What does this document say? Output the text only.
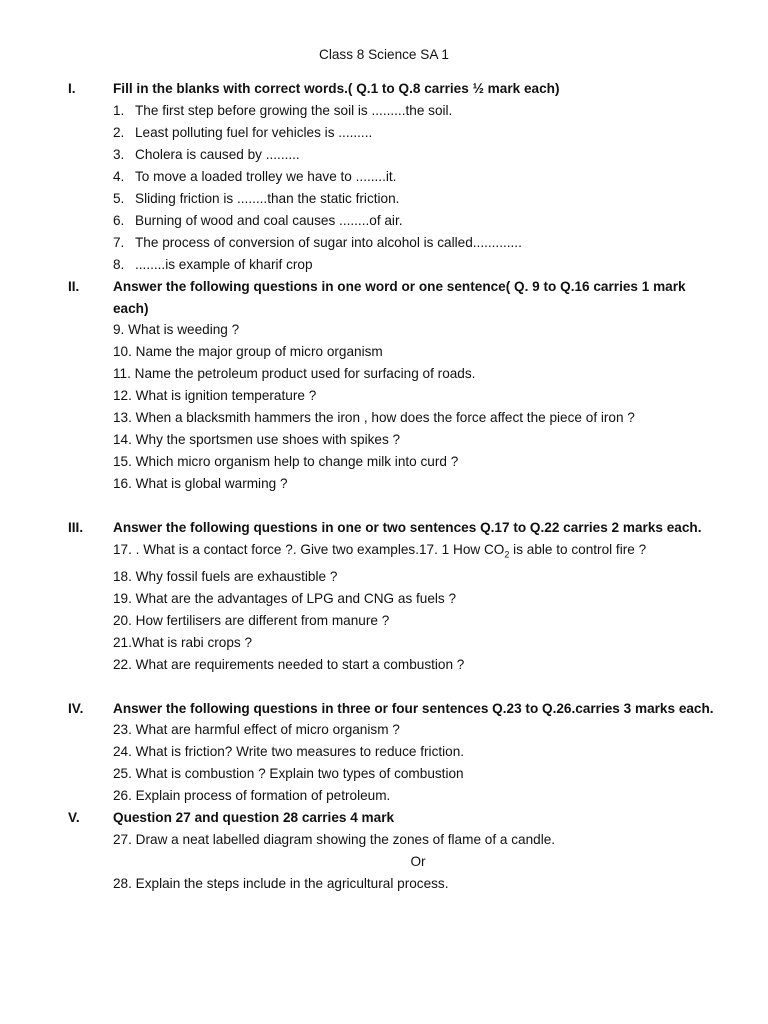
Class 8 Science SA 1
I.	Fill in the blanks with correct words.( Q.1 to Q.8 carries ½ mark each)
1. The first step before growing the soil is .........the soil.
2. Least polluting fuel for vehicles is .........
3. Cholera is caused by .........
4. To move a loaded trolley we have to ........it.
5. Sliding friction is ........than the static friction.
6. Burning of wood and coal causes ........of air.
7. The process of conversion of sugar into alcohol is called.............
8. ........is example of kharif crop
II. Answer the following questions in one word or one sentence( Q. 9 to Q.16 carries 1 mark each)
9. What is weeding ?
10. Name the major group of micro organism
11. Name the petroleum product used for surfacing of roads.
12. What is ignition temperature ?
13. When a blacksmith hammers the iron , how does the force affect the piece of iron ?
14. Why the sportsmen use shoes with spikes ?
15. Which micro organism help to change milk into curd ?
16. What is global warming ?
III. Answer the following questions in one or two sentences Q.17 to Q.22 carries 2 marks each.
17. . What is a contact force ?. Give two examples.17. 1 How $CO_2$ is able to control fire ?
18. Why fossil fuels are exhaustible ?
19. What are the advantages of LPG and CNG as fuels ?
20. How fertilisers are different from manure ?
21.What is rabi crops ?
22. What are requirements needed to start a combustion ?
IV. Answer the following questions in three or four sentences Q.23 to Q.26.carries 3 marks each.
23. What are harmful effect of micro organism ?
24. What is friction? Write two measures to reduce friction.
25. What is combustion ? Explain two types of combustion
26. Explain process of formation of petroleum.
V. Question 27 and question 28 carries 4 mark
27. Draw a neat labelled diagram showing the zones of flame of a candle.
Or
28. Explain the steps include in the agricultural process.
